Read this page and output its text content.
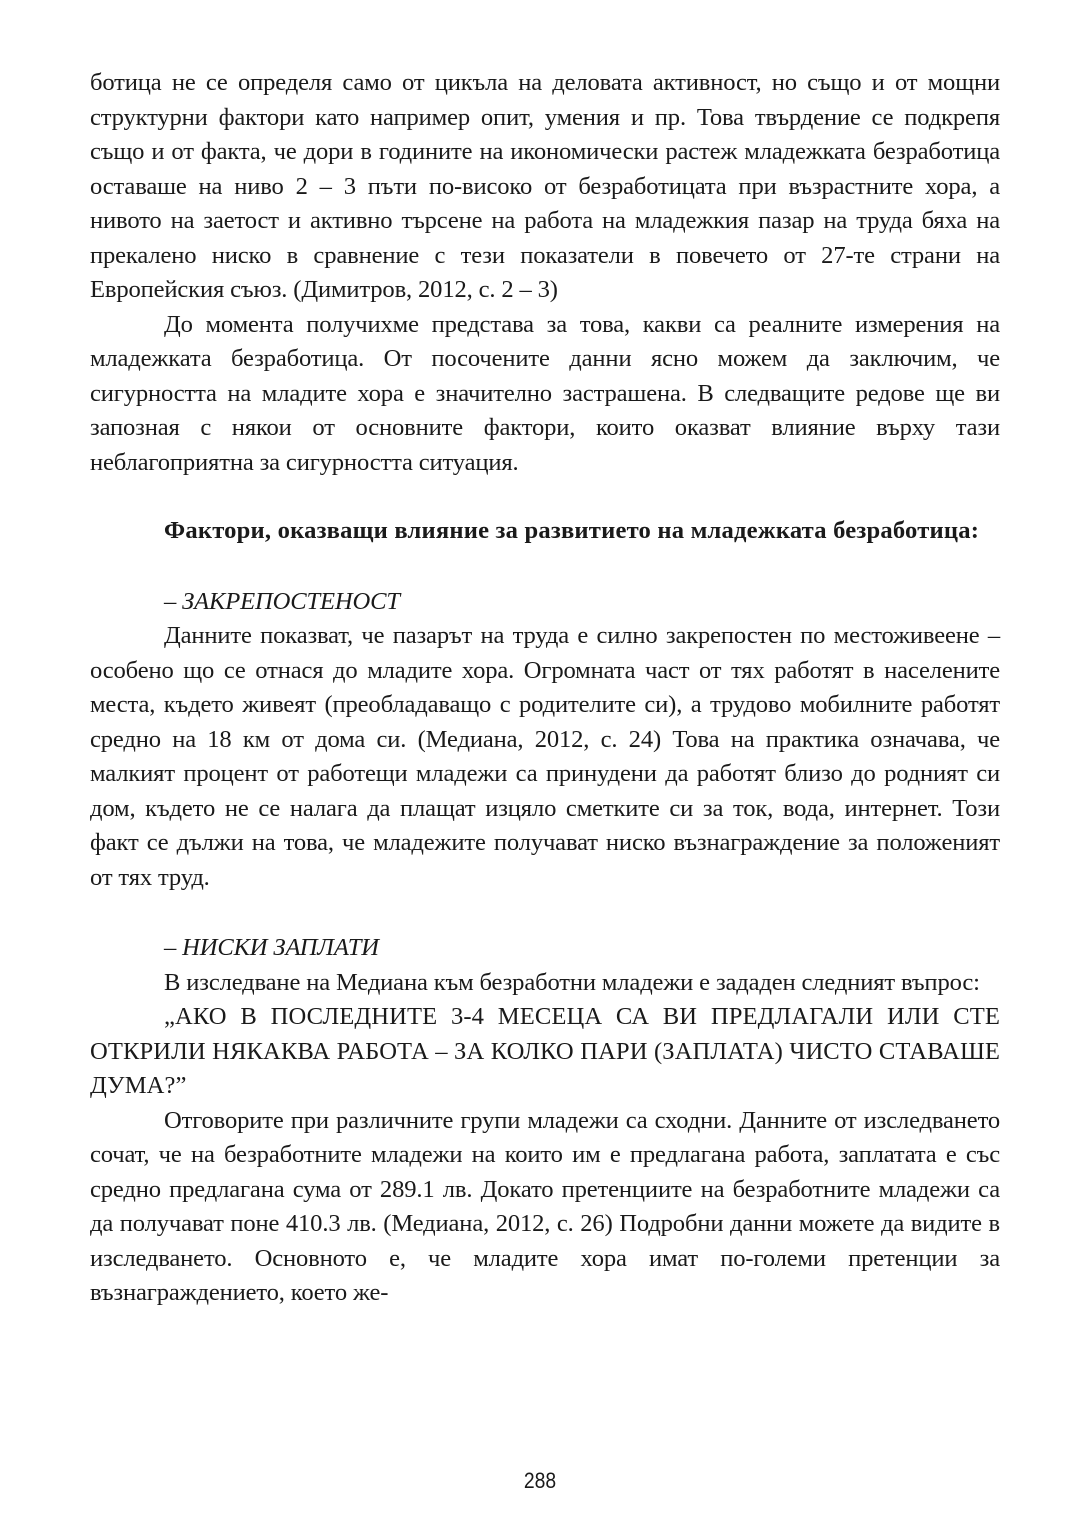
ботица не се определя само от цикъла на деловата активност, но също и от мощни структурни фактори като например опит, умения и пр. Това твърдение се подкрепя също и от факта, че дори в годините на икономически растеж младежката безработица оставаше на ниво 2 – 3 пъти по-високо от безработицата при възрастните хора, а нивото на заетост и активно търсене на работа на младежкия пазар на труда бяха на прекалено ниско в сравнение с тези показатели в повечето от 27-те страни на Европейския съюз. (Димитров, 2012, с. 2 – 3)

До момента получихме представа за това, какви са реалните измерения на младежката безработица. От посочените данни ясно можем да заключим, че сигурността на младите хора е значително застрашена. В следващите редове ще ви запозная с някои от основните фактори, които оказват влияние върху тази неблагоприятна за сигурността ситуация.

Фактори, оказващи влияние за развитието на младежката безработица:

– ЗАКРЕПОСТЕНОСТ

Данните показват, че пазарът на труда е силно закрепостен по местоживеене – особено що се отнася до младите хора. Огромната част от тях работят в населените места, където живеят (преобладаващо с родителите си), а трудово мобилните работят средно на 18 км от дома си. (Медиана, 2012, с. 24) Това на практика означава, че малкият процент от работещи младежи са принудени да работят близо до родният си дом, където не се налага да плащат изцяло сметките си за ток, вода, интернет. Този факт се дължи на това, че младежите получават ниско възнаграждение за положеният от тях труд.

– НИСКИ ЗАПЛАТИ

В изследване на Медиана към безработни младежи е зададен следният въпрос:

„АКО В ПОСЛЕДНИТЕ 3-4 МЕСЕЦА СА ВИ ПРЕДЛАГАЛИ ИЛИ СТЕ ОТКРИЛИ НЯКАКВА РАБОТА – ЗА КОЛКО ПАРИ (ЗАПЛАТА) ЧИСТО СТАВАШЕ ДУМА?”

Отговорите при различните групи младежи са сходни. Данните от изследването сочат, че на безработните младежи на които им е предлагана работа, заплатата е със средно предлагана сума от 289.1 лв. Докато претенциите на безработните младежи са да получават поне 410.3 лв. (Медиана, 2012, с. 26) Подробни данни можете да видите в изследването. Основното е, че младите хора имат по-големи претенции за възнаграждението, което же-

288
